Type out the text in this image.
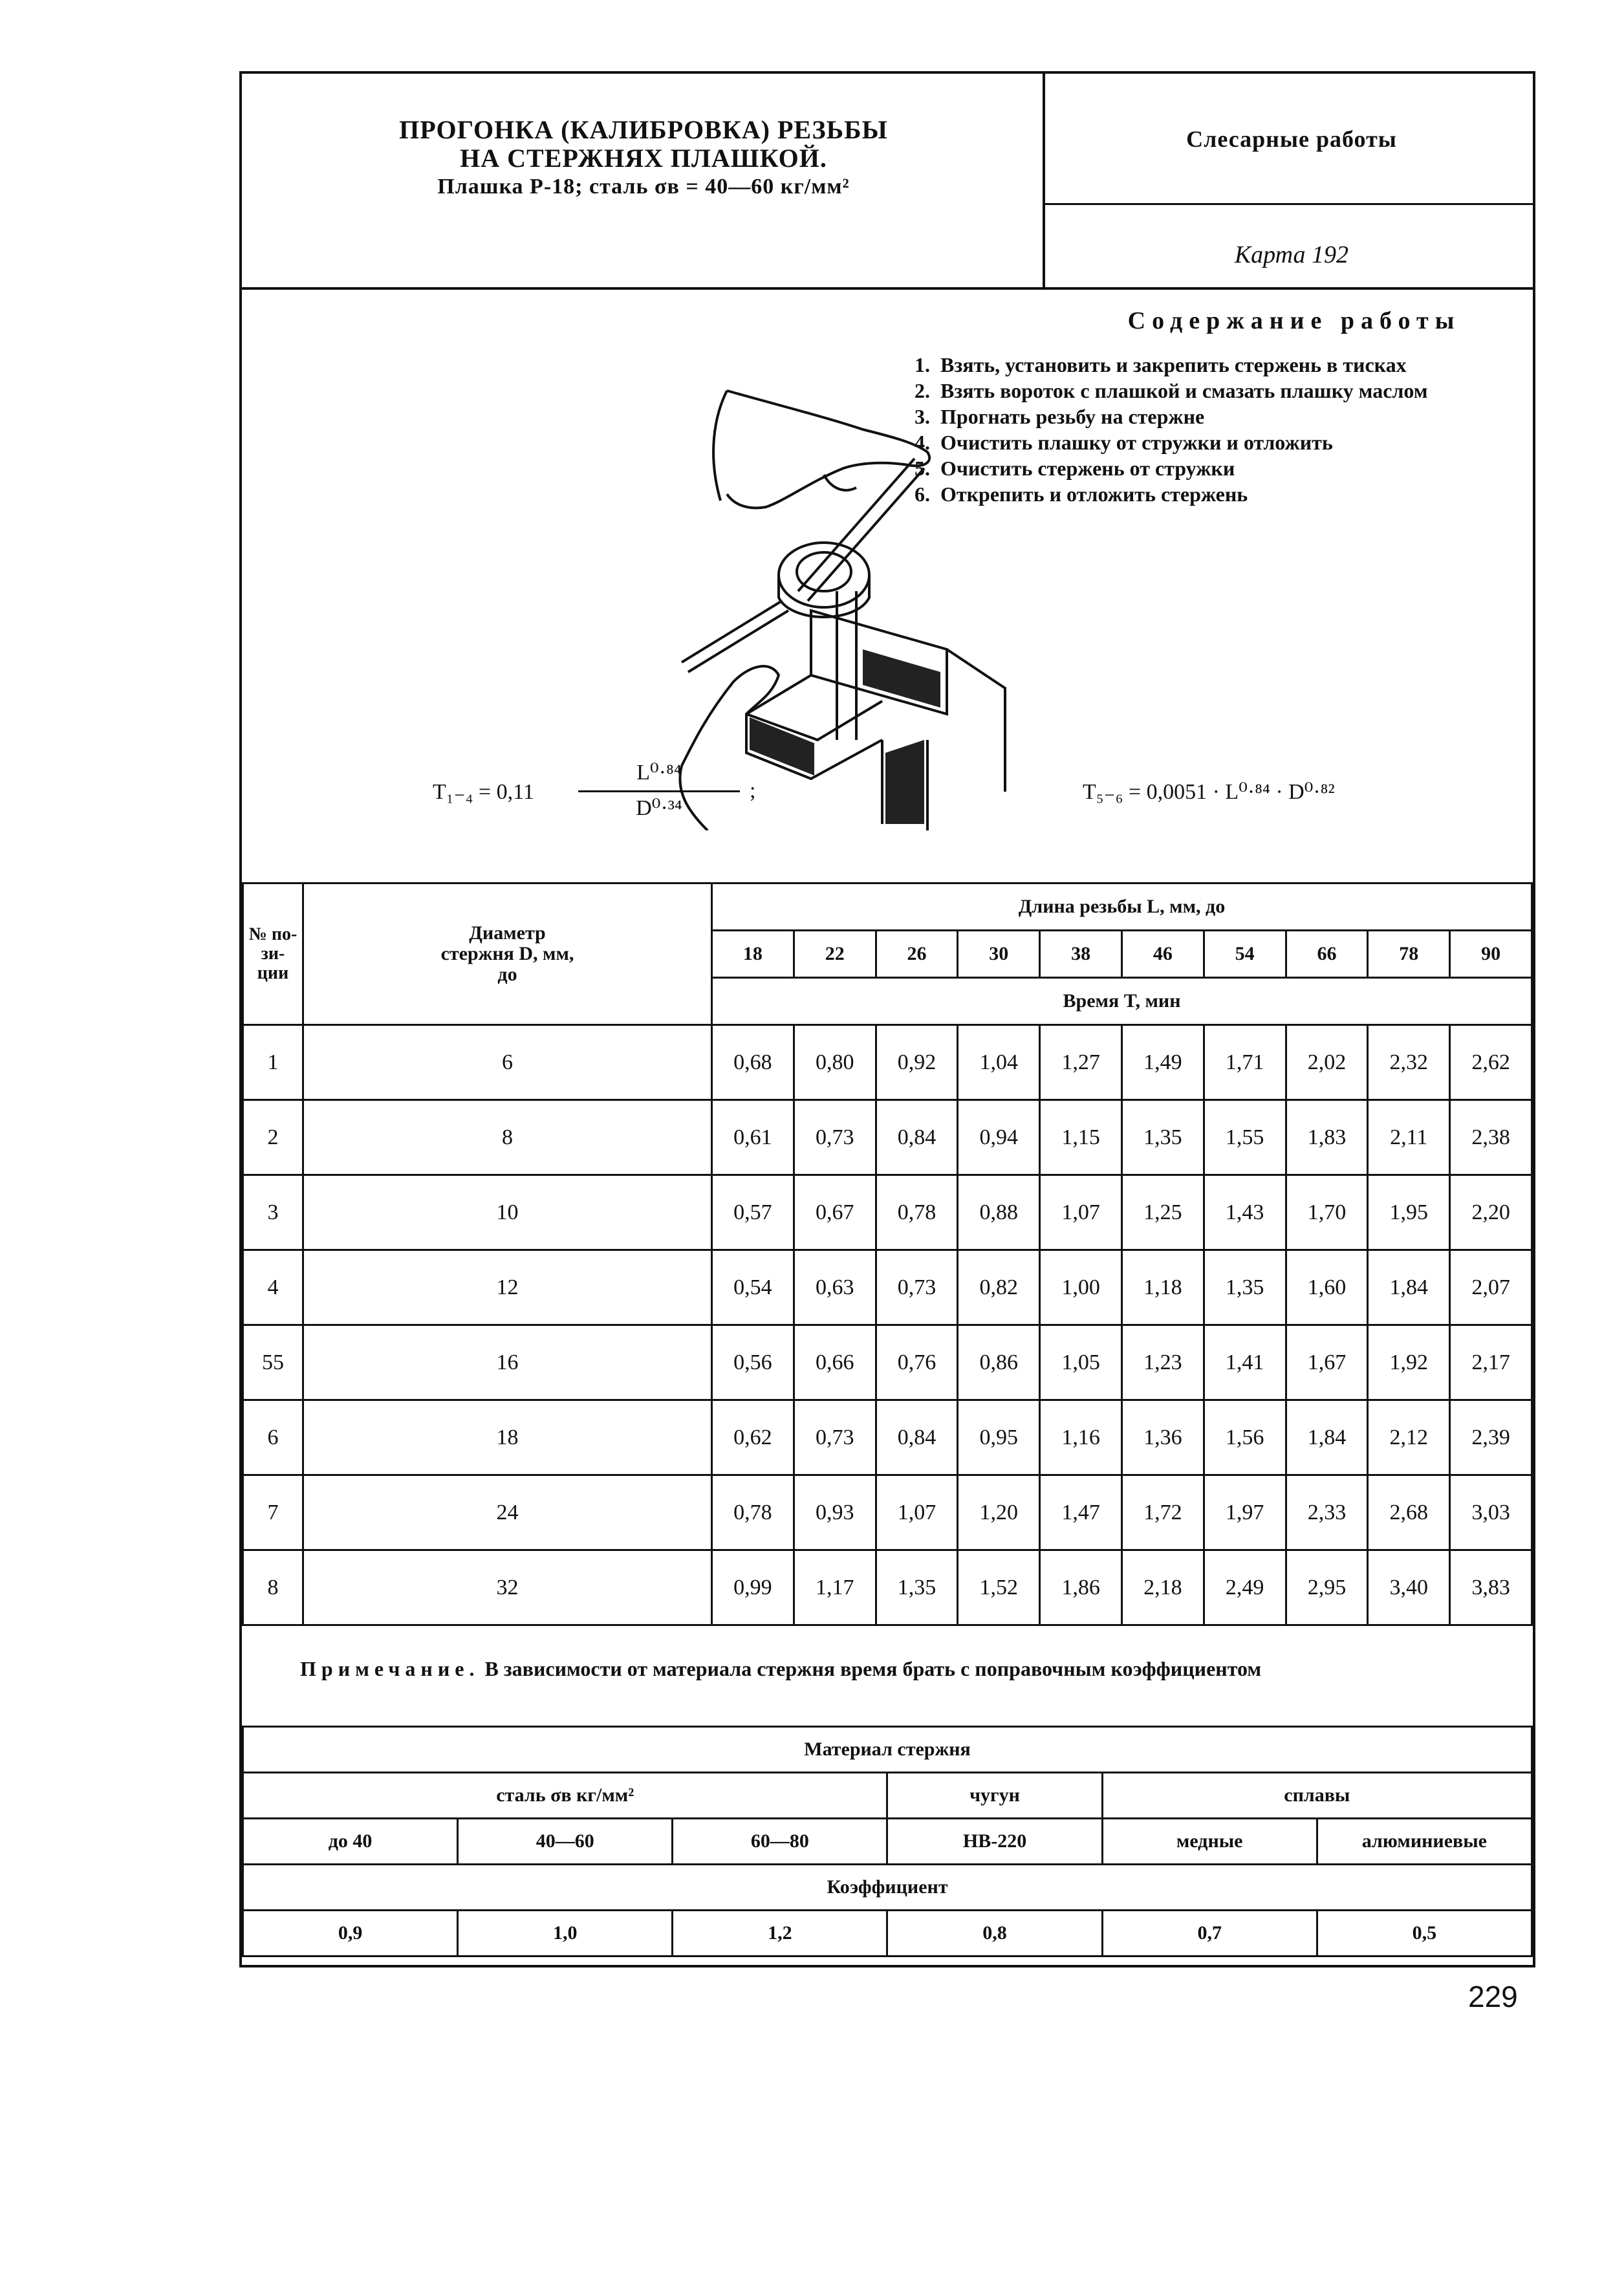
ПРОГОНКА (КАЛИБРОВКА) РЕЗЬБЫ
НА СТЕРЖНЯХ ПЛАШКОЙ.
Плашка Р-18; сталь σв = 40—60 кг/мм²
Слесарные работы
Карта 192
Содержание работы
1. Взять, установить и закрепить стержень в тисках
2. Взять вороток с плашкой и смазать плашку маслом
3. Прогнать резьбу на стержне
4. Очистить плашку от стружки и отложить
5. Очистить стержень от стружки
6. Открепить и отложить стержень
T₁₋₄ = 0,11
L⁰·⁸⁴
D⁰·³⁴
;	T₅₋₆ = 0,0051 · L⁰·⁸⁴ · D⁰·⁸²
№ по- зи- ции	Диаметр стержня D, мм, до	Длина резьбы L, мм, до									
		18	22	26	30	38	46	54	66	78	90
		Время T, мин									
1	6	0,68	0,80	0,92	1,04	1,27	1,49	1,71	2,02	2,32	2,62
2	8	0,61	0,73	0,84	0,94	1,15	1,35	1,55	1,83	2,11	2,38
3	10	0,57	0,67	0,78	0,88	1,07	1,25	1,43	1,70	1,95	2,20
4	12	0,54	0,63	0,73	0,82	1,00	1,18	1,35	1,60	1,84	2,07
55	16	0,56	0,66	0,76	0,86	1,05	1,23	1,41	1,67	1,92	2,17
6	18	0,62	0,73	0,84	0,95	1,16	1,36	1,56	1,84	2,12	2,39
7	24	0,78	0,93	1,07	1,20	1,47	1,72	1,97	2,33	2,68	3,03
8	32	0,99	1,17	1,35	1,52	1,86	2,18	2,49	2,95	3,40	3,83
Примечание. В зависимости от материала стержня время брать с поправочным коэффициентом
Материал стержня					
сталь σв кг/мм²			чугун	сплавы	
до 40	40—60	60—80	НВ-220	медные	алюминиевые
Коэффициент					
0,9	1,0	1,2	0,8	0,7	0,5
229
